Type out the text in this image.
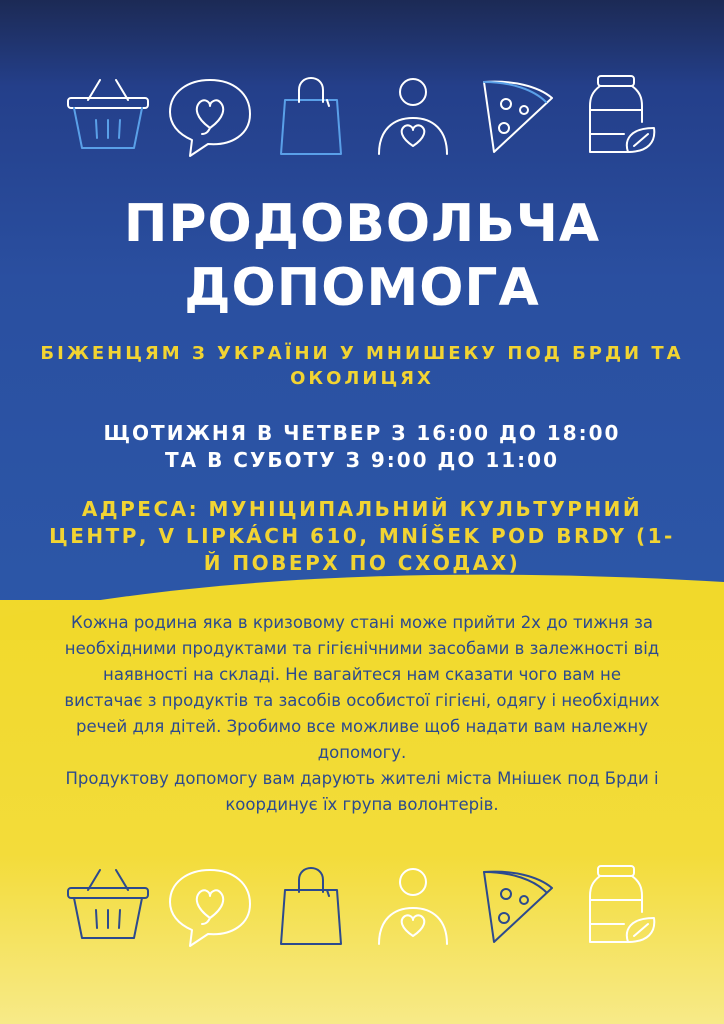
ПРОДОВОЛЬЧА
ДОПОМОГА

БІЖЕНЦЯМ З УКРАЇНИ У МНИШЕКУ ПОД БРДИ ТА ОКОЛИЦЯХ

ЩОТИЖНЯ В ЧЕТВЕР З 16:00 ДО 18:00
ТА В СУБОТУ З 9:00 ДО 11:00

АДРЕСА: МУНІЦИПАЛЬНИЙ КУЛЬТУРНИЙ ЦЕНТР, V LIPKÁCH 610, MNÍŠEK POD BRDY (1-Й ПОВЕРХ ПО СХОДАХ)

Кожна родина яка в кризовому стані може прийти 2х до тижня за необхідними продуктами та гігієнічними засобами в залежності від наявності на складі. Не вагайтеся нам сказати чого вам не вистачає з продуктів та засобів особистої гігієні, одягу і необхідних речей для дітей. Зробимо все можливе щоб надати вам належну допомогу.

Продуктову допомогу вам дарують жителі міста Мнішек под Брди і координує їх група волонтерів.
